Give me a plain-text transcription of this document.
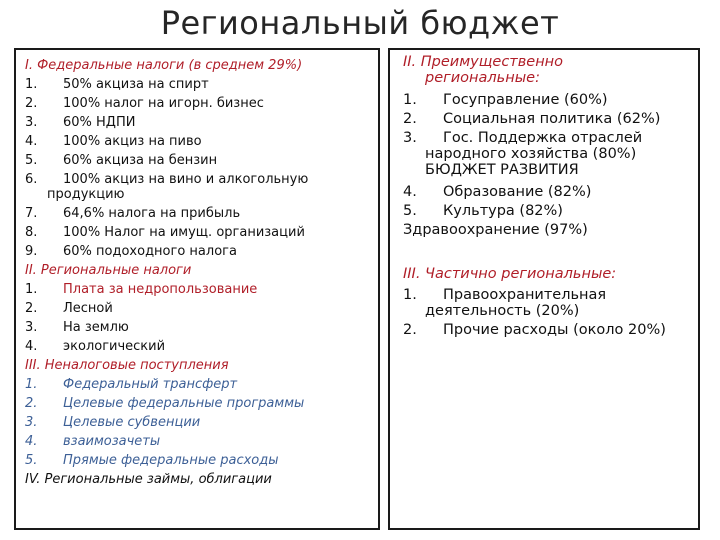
Региональный бюджет
I. Федеральные налоги (в среднем 29%)
1. 50% акциза на спирт
2. 100% налог на игорн. бизнес
3. 60% НДПИ
4. 100% акциз на пиво
5. 60% акциза на бензин
6. 100% акциз на вино и алкогольную
продукцию
7. 64,6% налога на прибыль
8. 100% Налог на имущ. организаций
9. 60% подоходного налога
II. Региональные налоги
1. Плата за недропользование
2. Лесной
3. На землю
4. экологический
III. Неналоговые поступления
1. Федеральный трансферт
2. Целевые федеральные программы
3. Целевые субвенции
4. взаимозачеты
5. Прямые федеральные расходы
IV. Региональные займы, облигации
II. Преимущественно
региональные:
1. Госуправление (60%)
2. Социальная политика (62%)
3. Гос. Поддержка отраслей
народного хозяйства (80%)
БЮДЖЕТ РАЗВИТИЯ
4. Образование (82%)
5. Культура (82%)
Здравоохранение (97%)
III. Частично региональные:
1. Правоохранительная
деятельность (20%)
2. Прочие расходы (около 20%)
